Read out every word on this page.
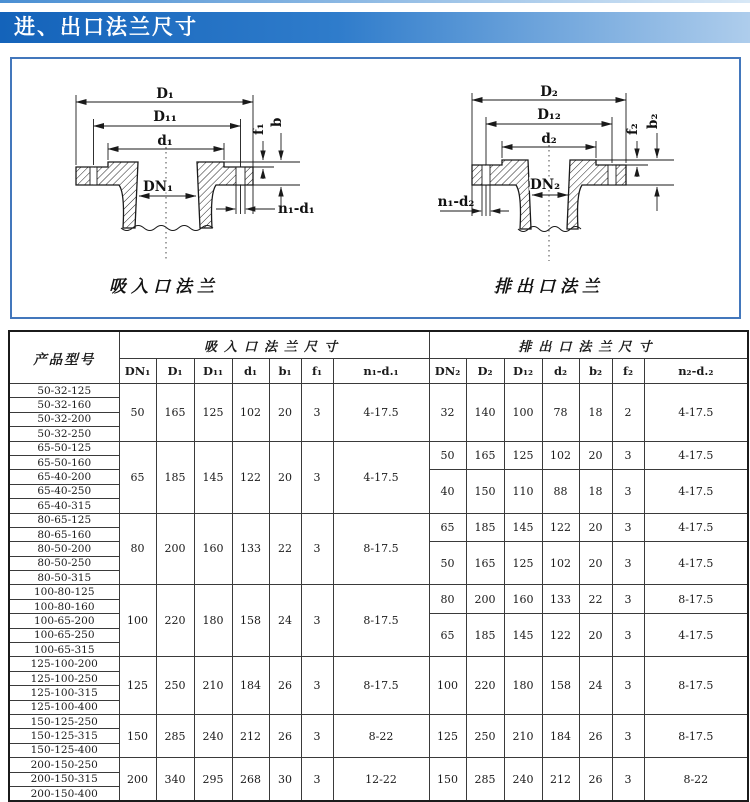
进、出口法兰尺寸
D₁
D₁₁
d₁
DN₁
f₁
b
n₁-d₁
吸入口法兰
D₂
D₁₂
d₂
DN₂
n₁-d₂
f₂
b₂
排出口法兰
产品型号	吸入口法兰尺寸							排出口法兰尺寸						
	DN₁	D₁	D₁₁	d₁	b₁	f₁	n₁-d.₁	DN₂	D₂	D₁₂	d₂	b₂	f₂	n₂-d.₂
50-32-125	50	165	125	102	20	3	4-17.5	32	140	100	78	18	2	4-17.5
50-32-160														
50-32-200														
50-32-250														
65-50-125	65	185	145	122	20	3	4-17.5	50	165	125	102	20	3	4-17.5
65-50-160														
65-40-200								40	150	110	88	18	3	4-17.5
65-40-250														
65-40-315														
80-65-125	80	200	160	133	22	3	8-17.5	65	185	145	122	20	3	4-17.5
80-65-160														
80-50-200								50	165	125	102	20	3	4-17.5
80-50-250														
80-50-315														
100-80-125	100	220	180	158	24	3	8-17.5	80	200	160	133	22	3	8-17.5
100-80-160														
100-65-200								65	185	145	122	20	3	4-17.5
100-65-250														
100-65-315														
125-100-200	125	250	210	184	26	3	8-17.5	100	220	180	158	24	3	8-17.5
125-100-250														
125-100-315														
125-100-400														
150-125-250	150	285	240	212	26	3	8-22	125	250	210	184	26	3	8-17.5
150-125-315														
150-125-400														
200-150-250	200	340	295	268	30	3	12-22	150	285	240	212	26	3	8-22
200-150-315														
200-150-400														
